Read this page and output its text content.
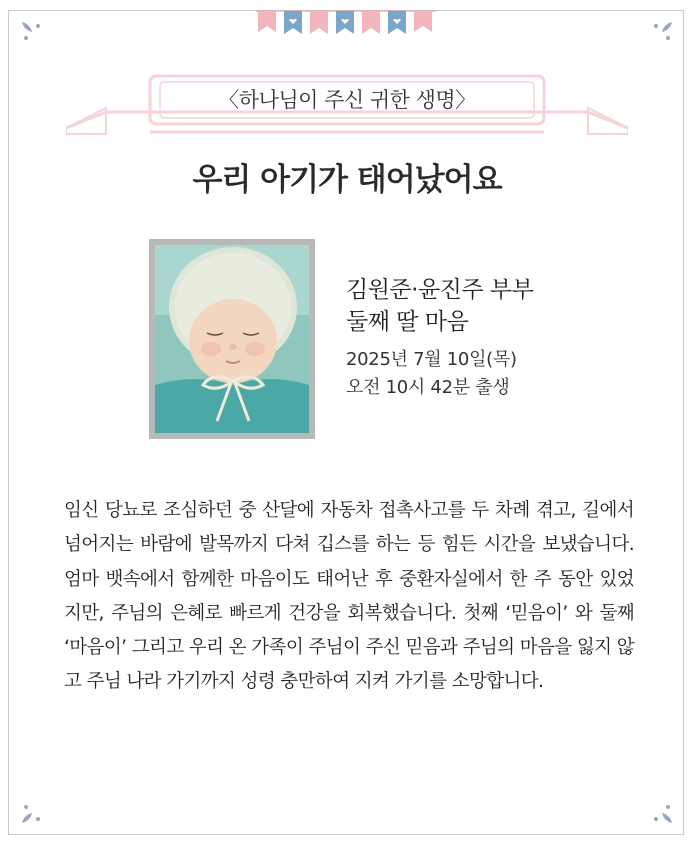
〈하나님이 주신 귀한 생명〉
우리 아기가 태어났어요
김원준·윤진주 부부
둘째 딸 마음
2025년 7월 10일(목)
오전 10시 42분 출생

임신 당뇨로 조심하던 중 산달에 자동차 접촉사고를 두 차례 겪고, 길에서 넘어지는 바람에 발목까지 다쳐 깁스를 하는 등 힘든 시간을 보냈습니다. 엄마 뱃속에서 함께한 마음이도 태어난 후 중환자실에서 한 주 동안 있었지만, 주님의 은혜로 빠르게 건강을 회복했습니다. 첫째 ‘믿음이’ 와 둘째 ‘마음이’ 그리고 우리 온 가족이 주님이 주신 믿음과 주님의 마음을 잃지 않고 주님 나라 가기까지 성령 충만하여 지켜 가기를 소망합니다.
